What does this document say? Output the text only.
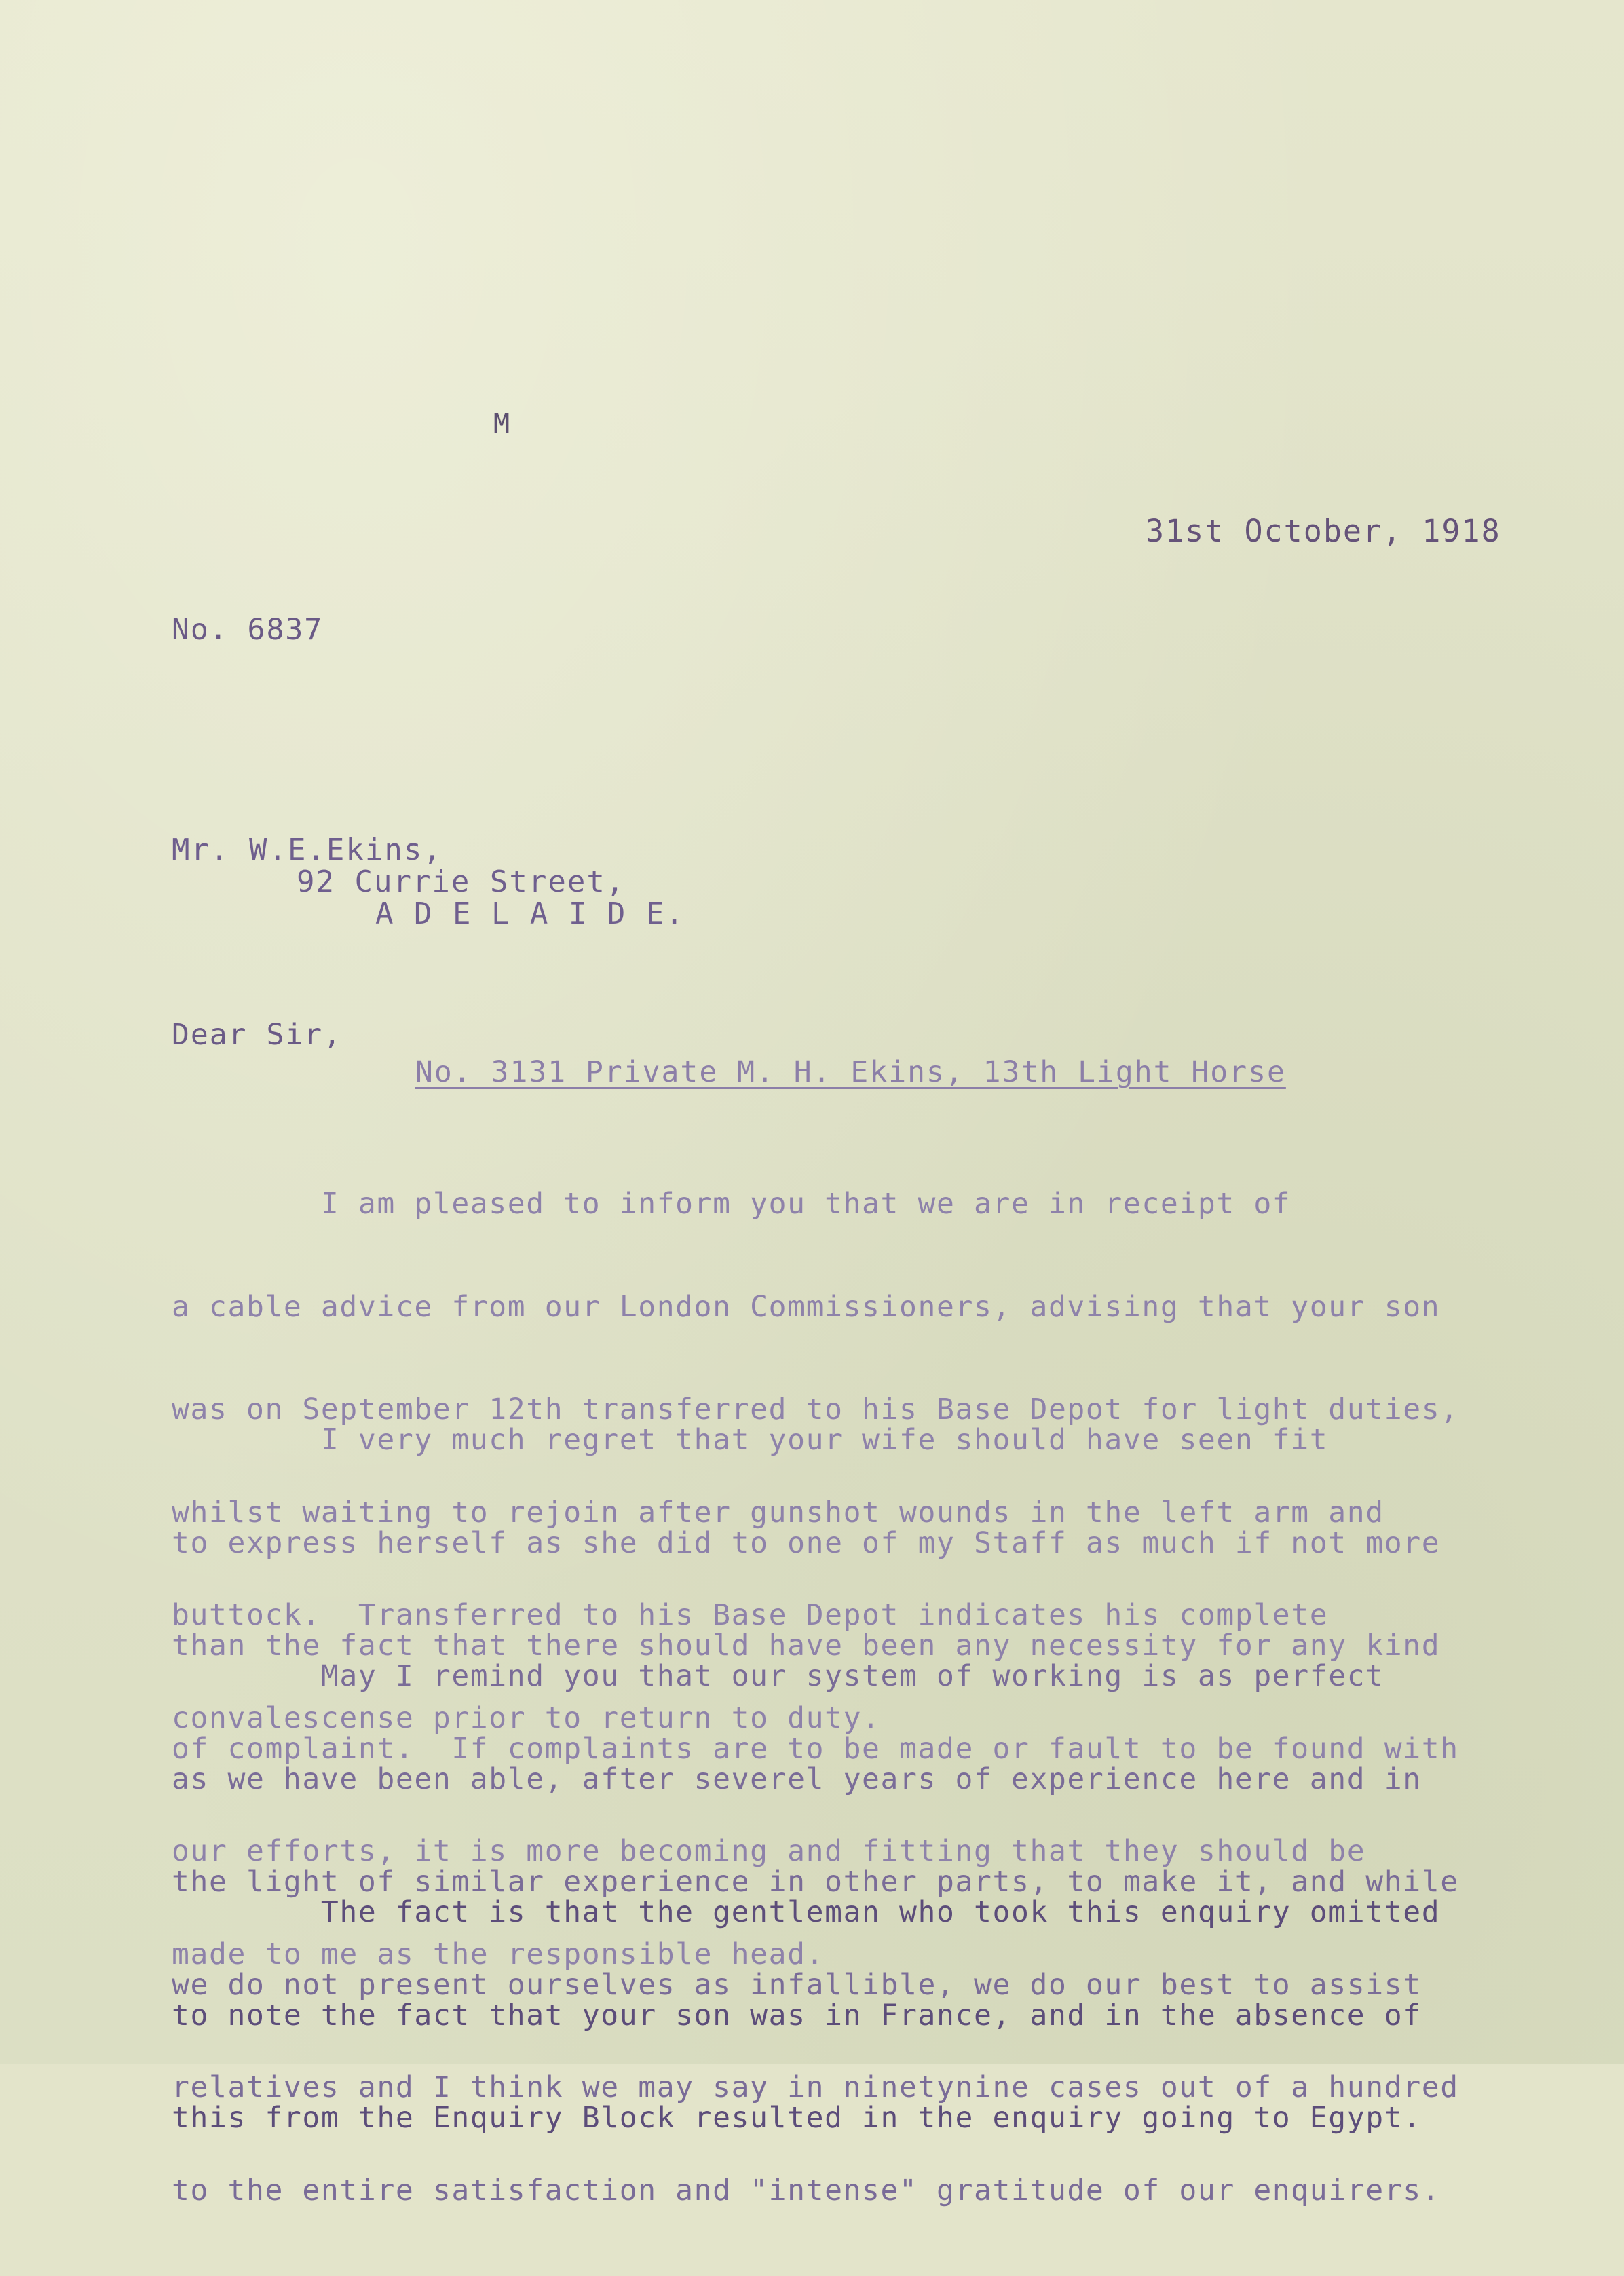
M
31st October, 1918
No. 6837
Mr. W.E.Ekins,
92 Currie Street,
A D E L A I D E.
Dear Sir,
No. 3131 Private M. H. Ekins, 13th Light Horse

I am pleased to inform you that we are in receipt of

a cable advice from our London Commissioners, advising that your son

was on September 12th transferred to his Base Depot for light duties,

whilst waiting to rejoin after gunshot wounds in the left arm and

buttock.  Transferred to his Base Depot indicates his complete

convalescense prior to return to duty.

I very much regret that your wife should have seen fit

to express herself as she did to one of my Staff as much if not more

than the fact that there should have been any necessity for any kind

of complaint.  If complaints are to be made or fault to be found with

our efforts, it is more becoming and fitting that they should be

made to me as the responsible head.

May I remind you that our system of working is as perfect

as we have been able, after severel years of experience here and in

the light of similar experience in other parts, to make it, and while

we do not present ourselves as infallible, we do our best to assist

relatives and I think we may say in ninetynine cases out of a hundred

to the entire satisfaction and "intense" gratitude of our enquirers.

The fact is that the gentleman who took this enquiry omitted

to note the fact that your son was in France, and in the absence of

this from the Enquiry Block resulted in the enquiry going to Egypt.
